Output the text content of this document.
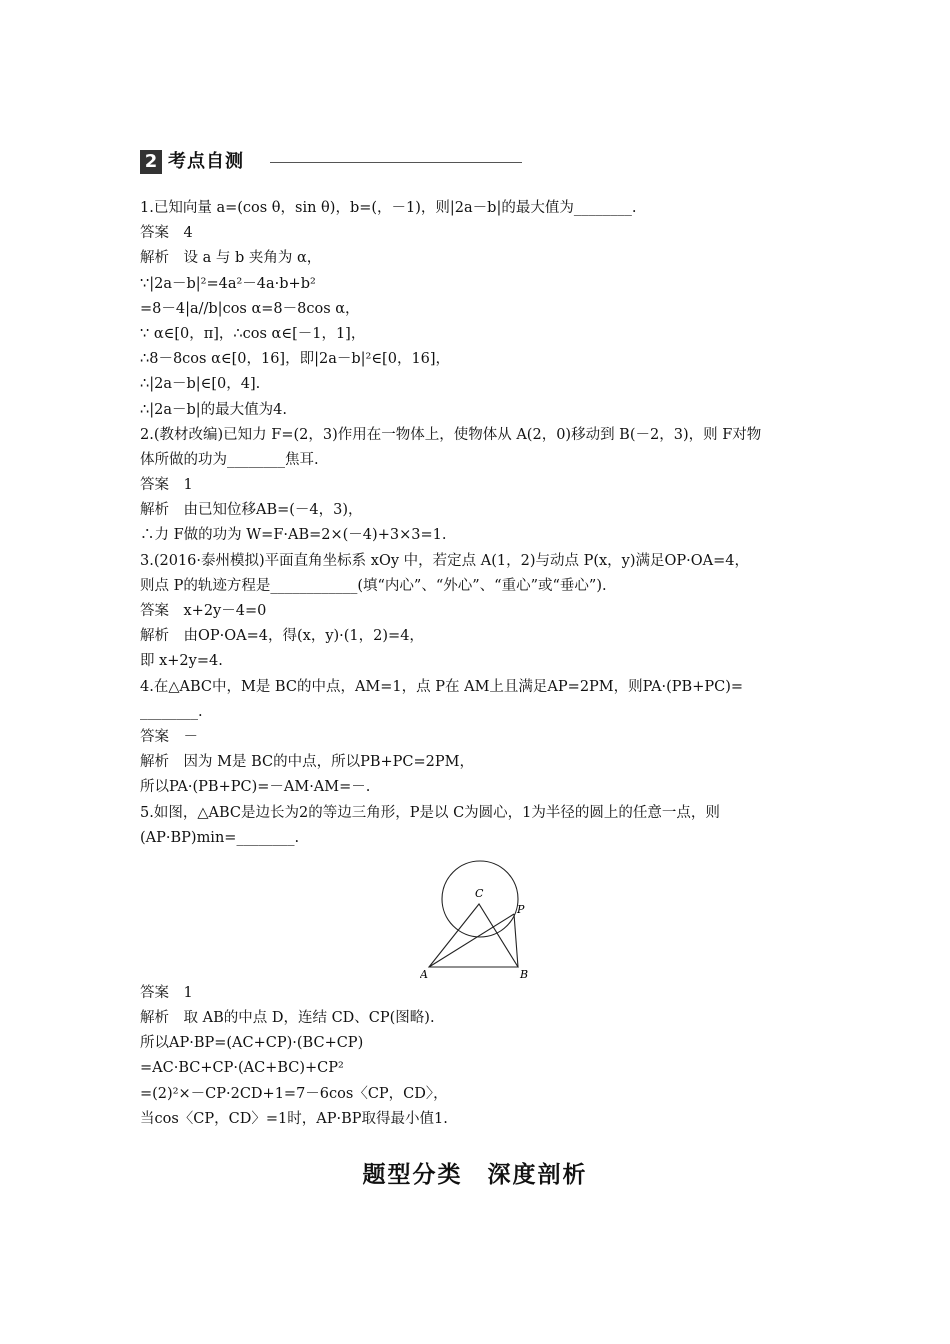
2 考点自测
1.已知向量 a=(cos θ，sin θ)，b=(，－1)，则|2a－b|的最大值为________.
答案　4
解析　设 a 与 b 夹角为 α，
∵|2a－b|²=4a²－4a·b+b²
=8－4|a//b|cos α=8－8cos α，
∵ α∈[0，π]，∴cos α∈[－1，1]，
∴8－8cos α∈[0，16]，即|2a－b|²∈[0，16]，
∴|2a－b|∈[0，4].
∴|2a－b|的最大值为4.
2.(教材改编)已知力 F=(2，3)作用在一物体上，使物体从 A(2，0)移动到 B(－2，3)，则 F对物
体所做的功为________焦耳.
答案　1
解析　由已知位移AB=(－4，3)，
∴力 F做的功为 W=F·AB=2×(－4)+3×3=1.
3.(2016·泰州模拟)平面直角坐标系 xOy 中，若定点 A(1，2)与动点 P(x，y)满足OP·OA=4，
则点 P的轨迹方程是____________(填“内心”、“外心”、“重心”或“垂心”).
答案　x+2y－4=0
解析　由OP·OA=4，得(x，y)·(1，2)=4，
即 x+2y=4.
4.在△ABC中，M是 BC的中点，AM=1，点 P在 AM上且满足AP=2PM，则PA·(PB+PC)=
________.
答案　－
解析　因为 M是 BC的中点，所以PB+PC=2PM，
所以PA·(PB+PC)=－AM·AM=－.
5.如图，△ABC是边长为2的等边三角形，P是以 C为圆心，1为半径的圆上的任意一点，则
(AP·BP)min=________.
A	B
C
P
答案　1
解析　取 AB的中点 D，连结 CD、CP(图略).
所以AP·BP=(AC+CP)·(BC+CP)
=AC·BC+CP·(AC+BC)+CP²
=(2)²×－CP·2CD+1=7－6cos〈CP，CD〉，
当cos〈CP，CD〉=1时，AP·BP取得最小值1.
题型分类　深度剖析
